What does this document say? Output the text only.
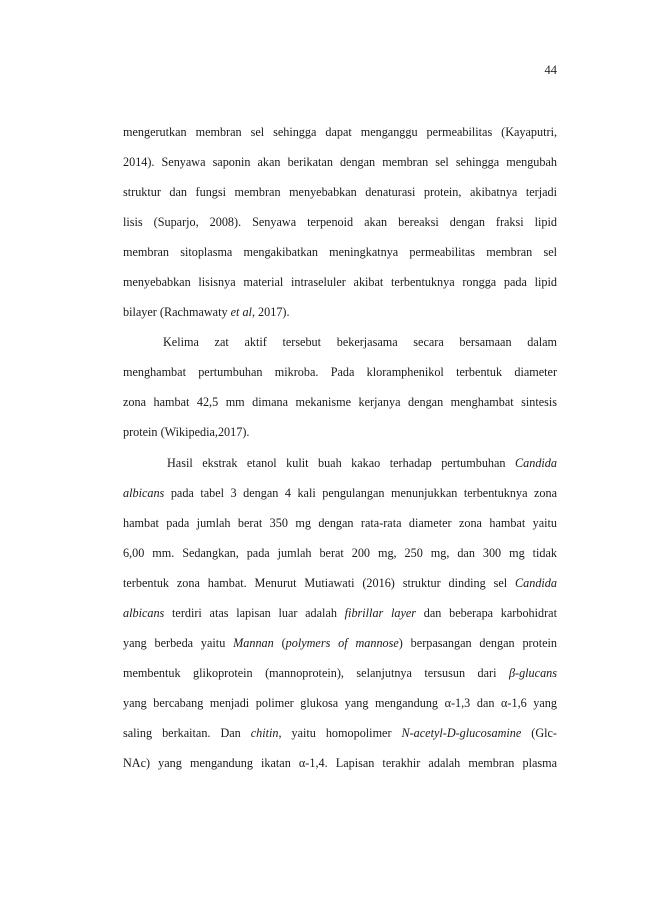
44
mengerutkan membran sel sehingga dapat menganggu permeabilitas (Kayaputri,
2014). Senyawa saponin akan berikatan dengan membran sel sehingga mengubah
struktur dan fungsi membran menyebabkan denaturasi protein, akibatnya terjadi
lisis (Suparjo, 2008). Senyawa terpenoid akan bereaksi dengan fraksi lipid
membran sitoplasma mengakibatkan meningkatnya permeabilitas membran sel
menyebabkan lisisnya material intraseluler akibat terbentuknya rongga pada lipid
bilayer (Rachmawaty et al, 2017).
Kelima zat aktif tersebut bekerjasama secara bersamaan dalam
menghambat pertumbuhan mikroba. Pada kloramphenikol terbentuk diameter
zona hambat 42,5 mm dimana mekanisme kerjanya dengan menghambat sintesis
protein (Wikipedia,2017).
Hasil ekstrak etanol kulit buah kakao terhadap pertumbuhan Candida
albicans pada tabel 3 dengan 4 kali pengulangan menunjukkan terbentuknya zona
hambat pada jumlah berat 350 mg dengan rata-rata diameter zona hambat yaitu
6,00 mm. Sedangkan, pada jumlah berat 200 mg, 250 mg, dan 300 mg tidak
terbentuk zona hambat. Menurut Mutiawati (2016) struktur dinding sel Candida
albicans terdiri atas lapisan luar adalah fibrillar layer dan beberapa karbohidrat
yang berbeda yaitu Mannan (polymers of mannose) berpasangan dengan protein
membentuk glikoprotein (mannoprotein), selanjutnya tersusun dari β-glucans
yang bercabang menjadi polimer glukosa yang mengandung α-1,3 dan α-1,6 yang
saling berkaitan. Dan chitin, yaitu homopolimer N-acetyl-D-glucosamine (Glc-
NAc) yang mengandung ikatan α-1,4. Lapisan terakhir adalah membran plasma
